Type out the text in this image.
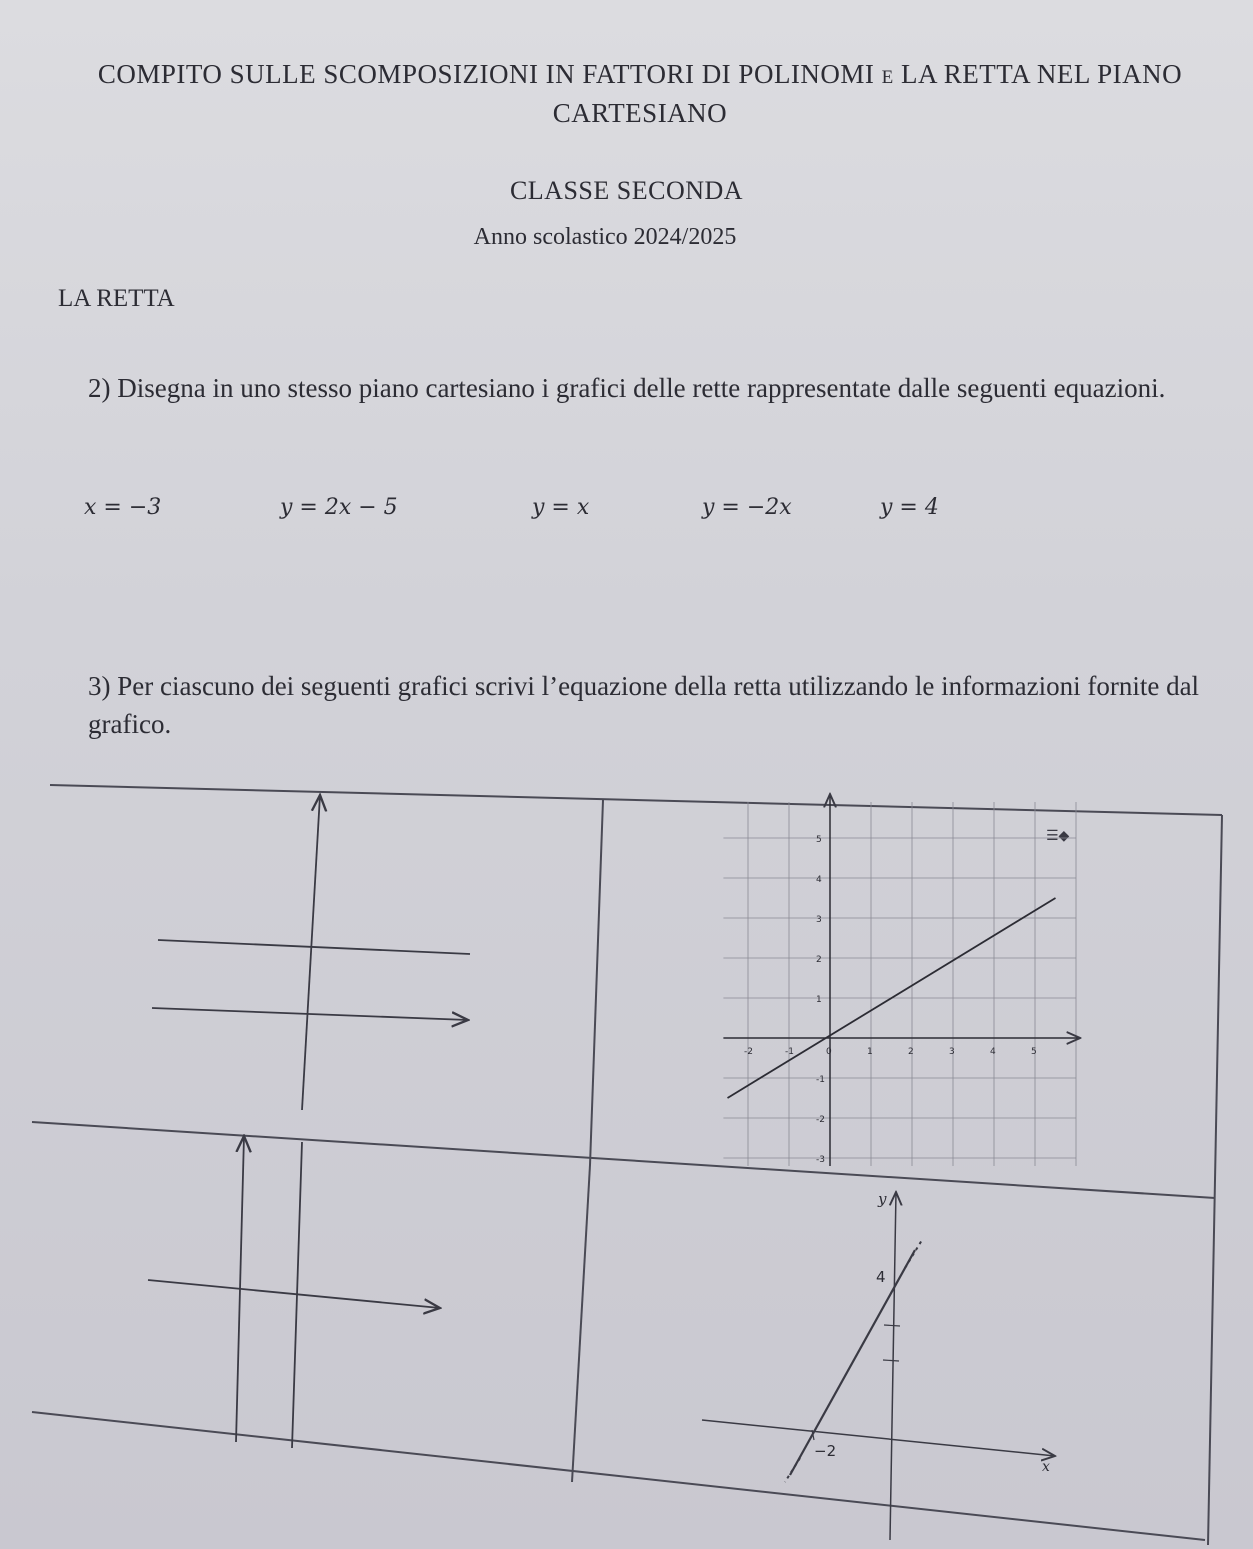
COMPITO SULLE SCOMPOSIZIONI IN FATTORI DI POLINOMI e LA RETTA NEL PIANO CARTESIANO
CLASSE SECONDA
Anno scolastico 2024/2025
LA RETTA
2) Disegna in uno stesso piano cartesiano i grafici delle rette rappresentate dalle seguenti equazioni.
x = −3	y = 2x − 5	y = x	y = −2x	y = 4
3) Per ciascuno dei seguenti grafici scrivi l’equazione della retta utilizzando le informazioni fornite dal grafico.
☰◆
-2	-1	0	1	2	3	4	5
5
4
3
2
1
-1
-2
-3
y
x
4
−2
